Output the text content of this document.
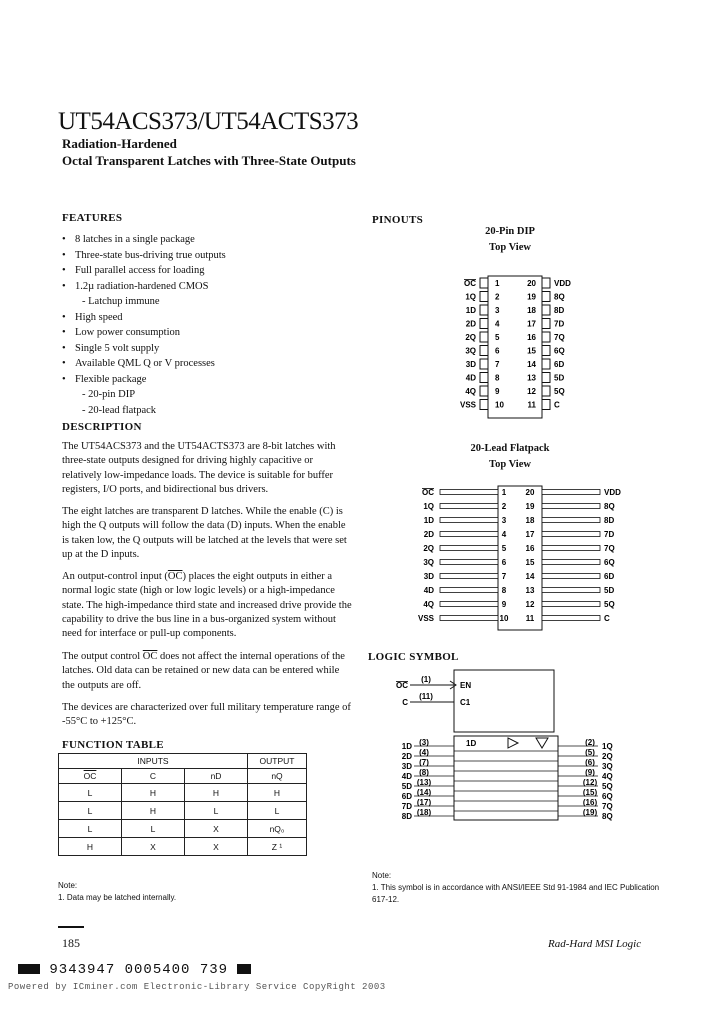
UT54ACS373/UT54ACTS373
Radiation-Hardened
Octal Transparent Latches with Three-State Outputs
FEATURES
• 8 latches in a single package
• Three-state bus-driving true outputs
• Full parallel access for loading
• 1.2µ radiation-hardened CMOS
- Latchup immune
• High speed
• Low power consumption
• Single 5 volt supply
• Available QML Q or V processes
• Flexible package
- 20-pin DIP
- 20-lead flatpack
DESCRIPTION

The UT54ACS373 and the UT54ACTS373 are 8-bit latches with three-state outputs designed for driving highly capacitive or relatively low-impedance loads. The device is suitable for buffer registers, I/O ports, and bidirectional bus drivers.

The eight latches are transparent D latches. While the enable (C) is high the Q outputs will follow the data (D) inputs. When the enable is taken low, the Q outputs will be latched at the levels that were set up at the D inputs.

An output-control input $(\overline{OC})$ places the eight outputs in either a normal logic state (high or low logic levels) or a high-impedance state. The high-impedance third state and increased drive provide the capability to drive the bus line in a bus-organized system without need for interface or pull-up components.

The output control $\overline{OC}$ does not affect the internal operations of the latches. Old data can be retained or new data can be entered while the outputs are off.

The devices are characterized over full military temperature range of -55°C to +125°C.

FUNCTION TABLE
INPUTS			OUTPUT
$\overline{OC}$	C	nD	nQ
L	H	H	H
L	H	L	L
L	L	X	nQ₀
H	X	X	Z ¹
Note:
1. Data may be latched internally.
PINOUTS
20-Pin DIP
Top View
OC 1
1Q 2
1D 3
2D 4
2Q 5
3Q 6
3D 7
4D 8
4Q 9
VSS 10
VDD
20
8Q
19
8D
18
7D
17
7Q
16
6Q
15
6D
14
5D
13
5Q
12
C
11
20-Lead Flatpack
Top View
OC	1
1Q	2
1D	3
2D	4
2Q	5
3Q	6
3D	7
4D	8
4Q	9
VSS	10
VDD
20
8Q
19
8D
18
7D
17
7Q
16
6Q
15
6D
14
5D
13
5Q
12
C
11
LOGIC SYMBOL
OC
(1)
EN
C
(11)
C1
1D
1D (3)
2D (4)
3D (7)
4D (8)
5D (13)
6D (14)
7D (17)
8D (18)
1Q
(2)
2Q
(5)
3Q
(6)
4Q
(9)
5Q
(12)
6Q
(15)
7Q
(16)
8Q
(19)
Note:
1. This symbol is in accordance with ANSI/IEEE Std 91-1984 and IEC Publication 617-12.
185	Rad-Hard MSI Logic
9343947 0005400 739
Powered by ICminer.com Electronic-Library Service CopyRight 2003
